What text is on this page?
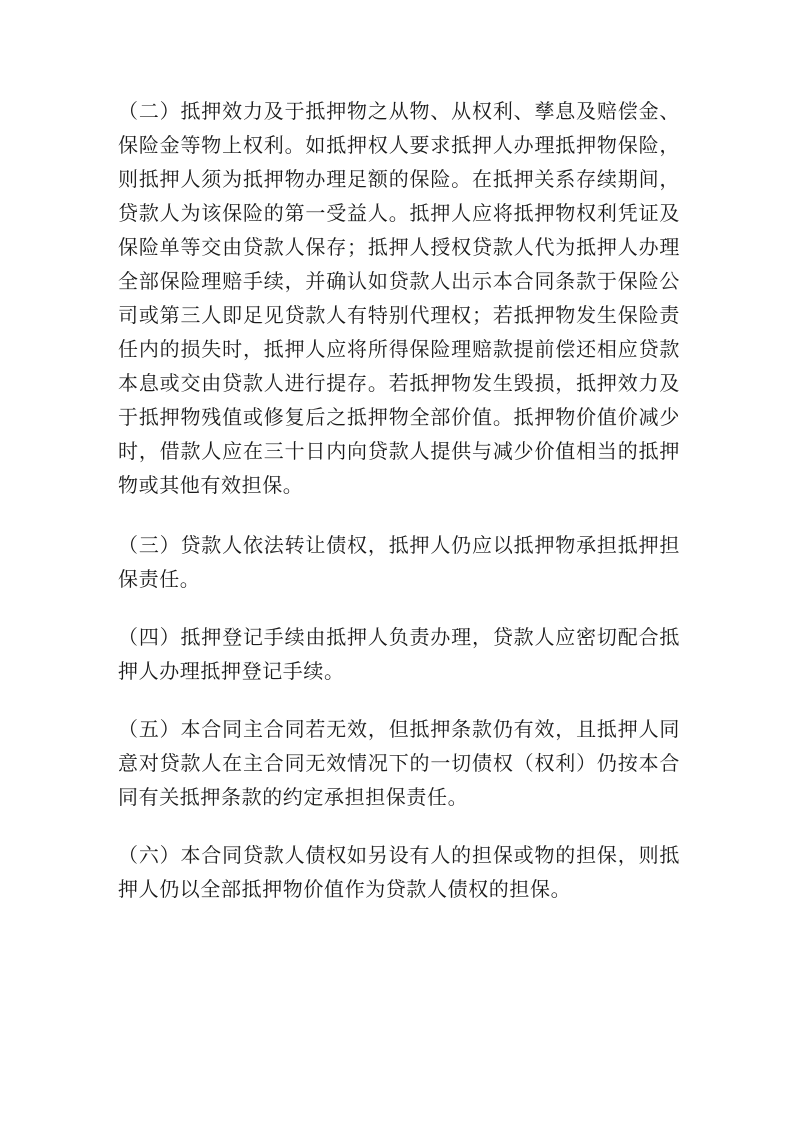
（二）抵押效力及于抵押物之从物、从权利、孳息及赔偿金、保险金等物上权利。如抵押权人要求抵押人办理抵押物保险，则抵押人须为抵押物办理足额的保险。在抵押关系存续期间，贷款人为该保险的第一受益人。抵押人应将抵押物权利凭证及保险单等交由贷款人保存；抵押人授权贷款人代为抵押人办理全部保险理赔手续，并确认如贷款人出示本合同条款于保险公司或第三人即足见贷款人有特别代理权；若抵押物发生保险责任内的损失时，抵押人应将所得保险理赔款提前偿还相应贷款本息或交由贷款人进行提存。若抵押物发生毁损，抵押效力及于抵押物残值或修复后之抵押物全部价值。抵押物价值价减少时，借款人应在三十日内向贷款人提供与减少价值相当的抵押物或其他有效担保。

（三）贷款人依法转让债权，抵押人仍应以抵押物承担抵押担保责任。

（四）抵押登记手续由抵押人负责办理，贷款人应密切配合抵押人办理抵押登记手续。

（五）本合同主合同若无效，但抵押条款仍有效，且抵押人同意对贷款人在主合同无效情况下的一切债权（权利）仍按本合同有关抵押条款的约定承担担保责任。

（六）本合同贷款人债权如另设有人的担保或物的担保，则抵押人仍以全部抵押物价值作为贷款人债权的担保。
